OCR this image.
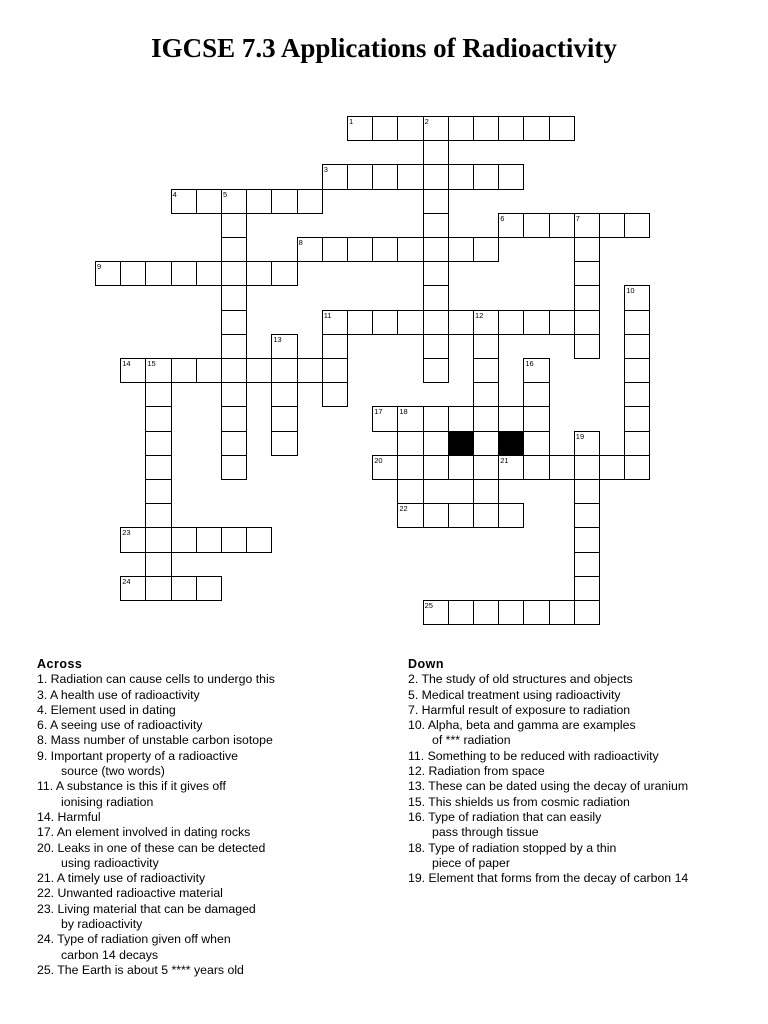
IGCSE 7.3 Applications of Radioactivity
1	2
3
4	5
6	7
8
9
10
11	12
13
14 15	16
17 18
19
20	21
22
23
24
25
Across
1. Radiation can cause cells to undergo this
3. A health use of radioactivity
4. Element used in dating
6. A seeing use of radioactivity
8. Mass number of unstable carbon isotope
9. Important property of a radioactive
source (two words)
11. A substance is this if it gives off
ionising radiation
14. Harmful
17. An element involved in dating rocks
20. Leaks in one of these can be detected
using radioactivity
21. A timely use of radioactivity
22. Unwanted radioactive material
23. Living material that can be damaged
by radioactivity
24. Type of radiation given off when
carbon 14 decays
25. The Earth is about 5 **** years old
Down
2. The study of old structures and objects
5. Medical treatment using radioactivity
7. Harmful result of exposure to radiation
10. Alpha, beta and gamma are examples
of *** radiation
11. Something to be reduced with radioactivity
12. Radiation from space
13. These can be dated using the decay of uranium
15. This shields us from cosmic radiation
16. Type of radiation that can easily
pass through tissue
18. Type of radiation stopped by a thin
piece of paper
19. Element that forms from the decay of carbon 14
